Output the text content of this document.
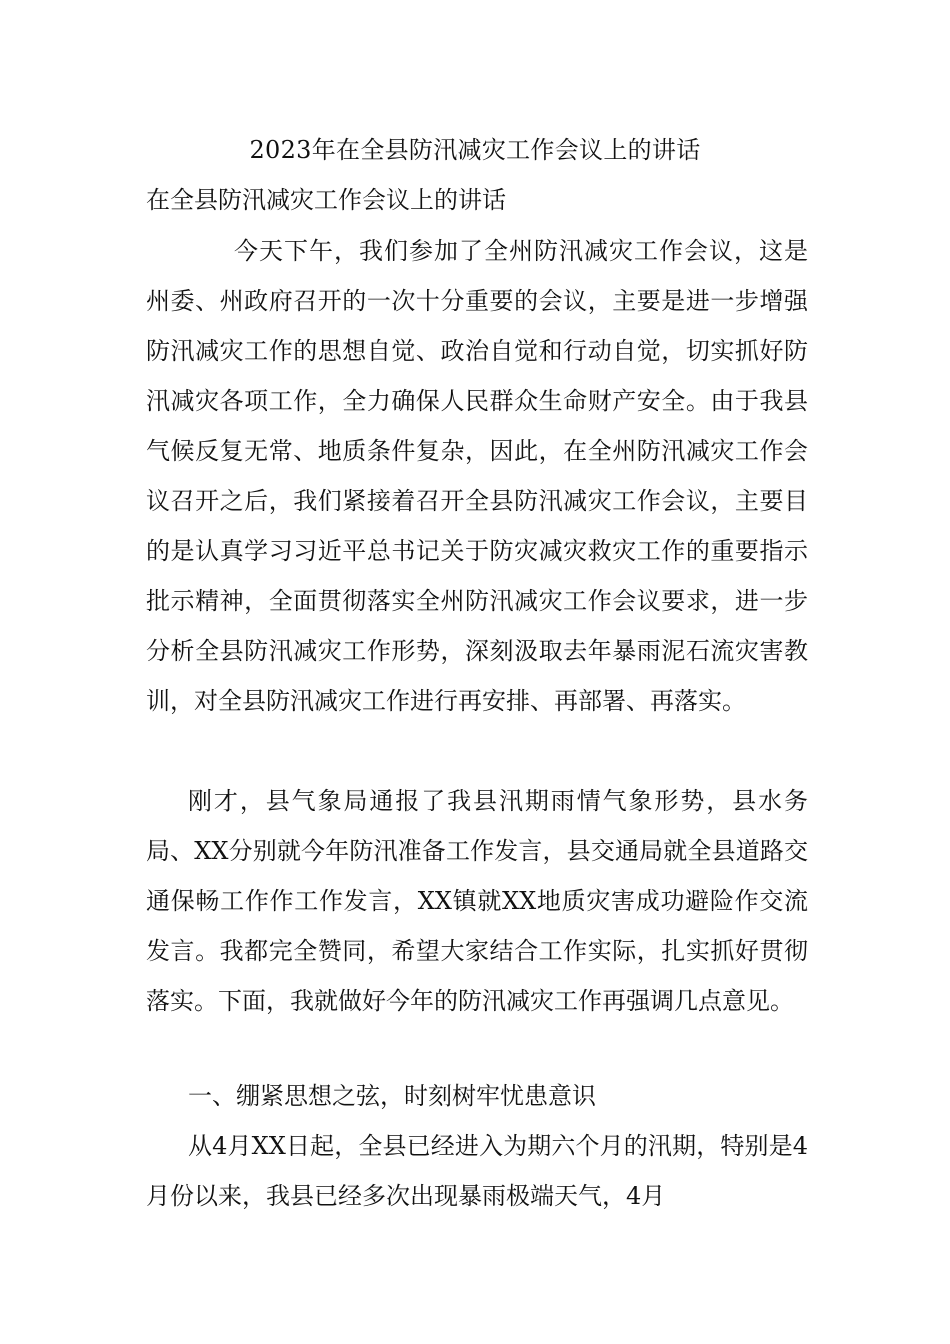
2023年在全县防汛减灾工作会议上的讲话
在全县防汛减灾工作会议上的讲话

今天下午，我们参加了全州防汛减灾工作会议，这是州委、州政府召开的一次十分重要的会议，主要是进一步增强防汛减灾工作的思想自觉、政治自觉和行动自觉，切实抓好防汛减灾各项工作，全力确保人民群众生命财产安全。由于我县气候反复无常、地质条件复杂，因此，在全州防汛减灾工作会议召开之后，我们紧接着召开全县防汛减灾工作会议，主要目的是认真学习习近平总书记关于防灾减灾救灾工作的重要指示批示精神，全面贯彻落实全州防汛减灾工作会议要求，进一步分析全县防汛减灾工作形势，深刻汲取去年暴雨泥石流灾害教训，对全县防汛减灾工作进行再安排、再部署、再落实。

刚才，县气象局通报了我县汛期雨情气象形势，县水务局、XX分别就今年防汛准备工作发言，县交通局就全县道路交通保畅工作作工作发言，XX镇就XX地质灾害成功避险作交流发言。我都完全赞同，希望大家结合工作实际，扎实抓好贯彻落实。下面，我就做好今年的防汛减灾工作再强调几点意见。

一、绷紧思想之弦，时刻树牢忧患意识

从4月XX日起，全县已经进入为期六个月的汛期，特别是4月份以来，我县已经多次出现暴雨极端天气，4月
